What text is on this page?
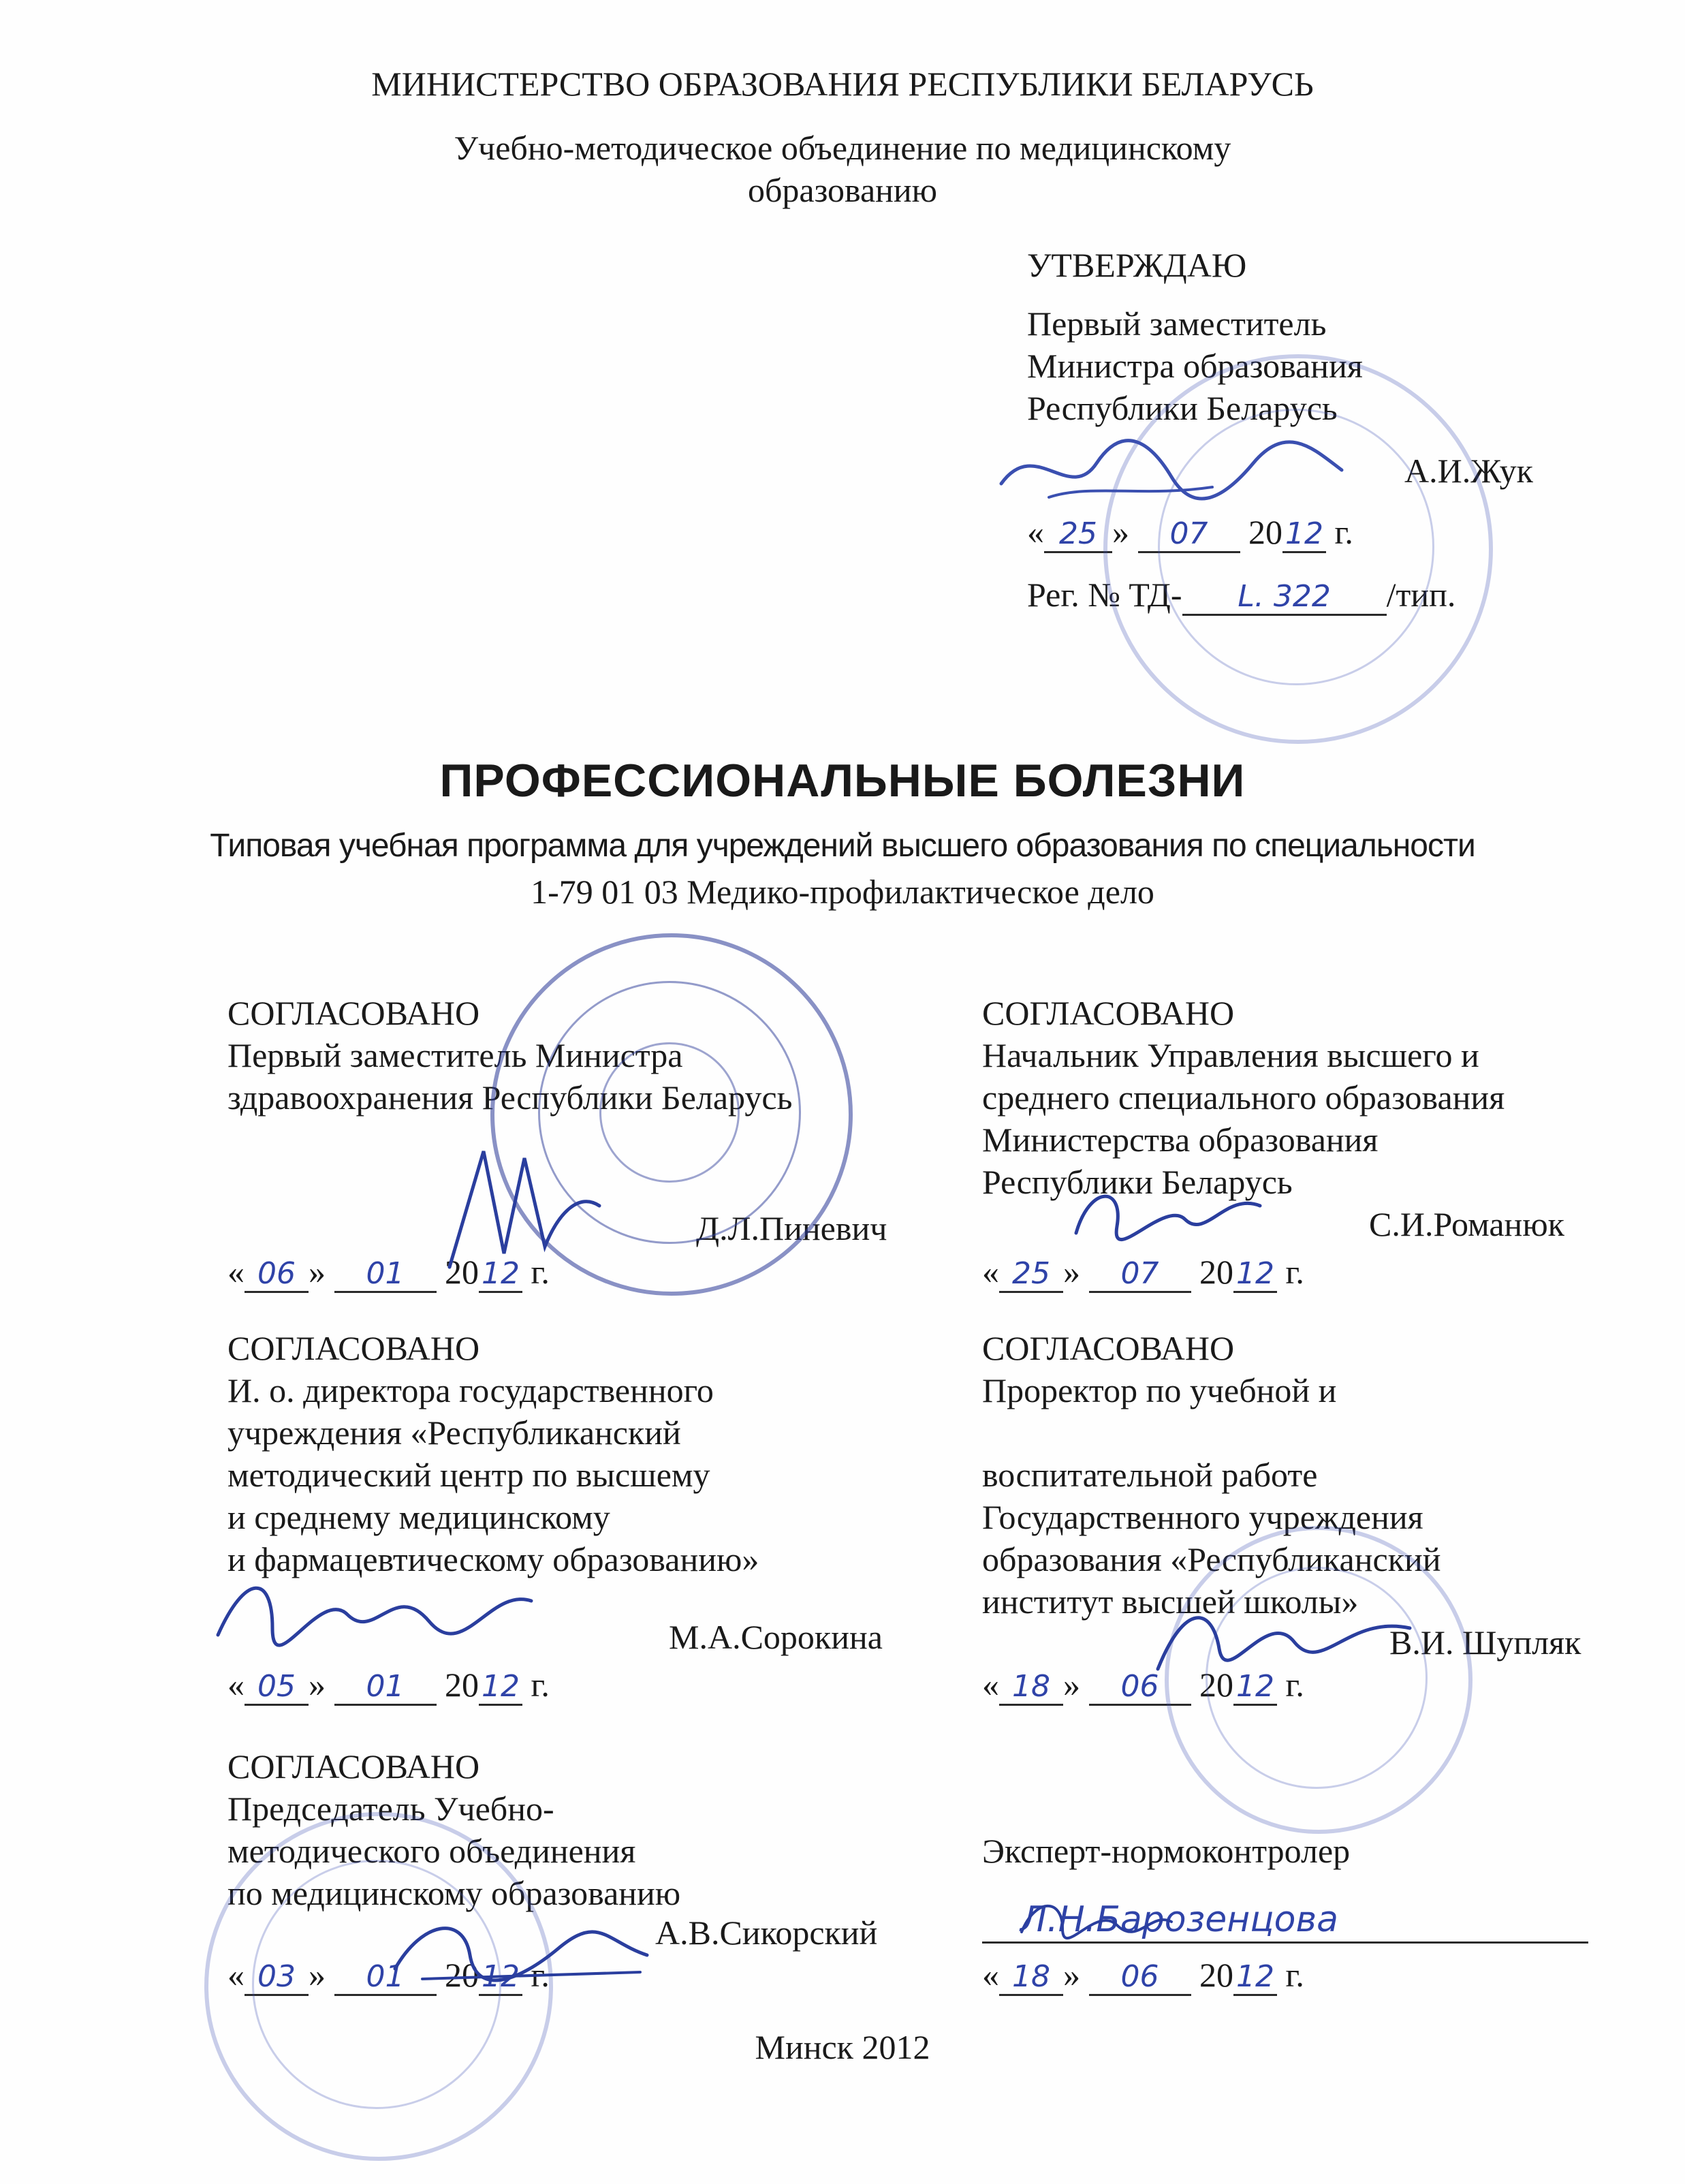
МИНИСТЕРСТВО ОБРАЗОВАНИЯ РЕСПУБЛИКИ БЕЛАРУСЬ
Учебно-методическое объединение по медицинскому
образованию
УТВЕРЖДАЮ
Первый заместитель
Министра образования
Республики Беларусь
А.И.Жук
« 25 » 07 2012 г.
Рег. № ТД- L. 322 /тип.
ПРОФЕССИОНАЛЬНЫЕ БОЛЕЗНИ
Типовая учебная программа для учреждений высшего образования по специальности
1-79 01 03 Медико-профилактическое дело
СОГЛАСОВАНО
Первый заместитель Министра
здравоохранения Республики Беларусь
Д.Л.Пиневич
« 06 » 01 2012 г.
СОГЛАСОВАНО
Начальник Управления высшего и
среднего специального образования
Министерства образования
Республики Беларусь
С.И.Романюк
« 25 » 07 2012 г.
СОГЛАСОВАНО
И. о. директора государственного
учреждения «Республиканский
методический центр по высшему
и среднему медицинскому
и фармацевтическому образованию»
М.А.Сорокина
« 05 » 01 2012 г.
СОГЛАСОВАНО
Проректор по учебной и
воспитательной работе
Государственного учреждения
образования «Республиканский
институт высшей школы»
В.И. Шупляк
« 18 » 06 2012 г.
СОГЛАСОВАНО
Председатель Учебно-
методического объединения
по медицинскому образованию
А.В.Сикорский
« 03 » 01 2012 г.
Эксперт-нормоконтролер
Л.Н.Барозенцова
« 18 » 06 2012 г.
Минск 2012
